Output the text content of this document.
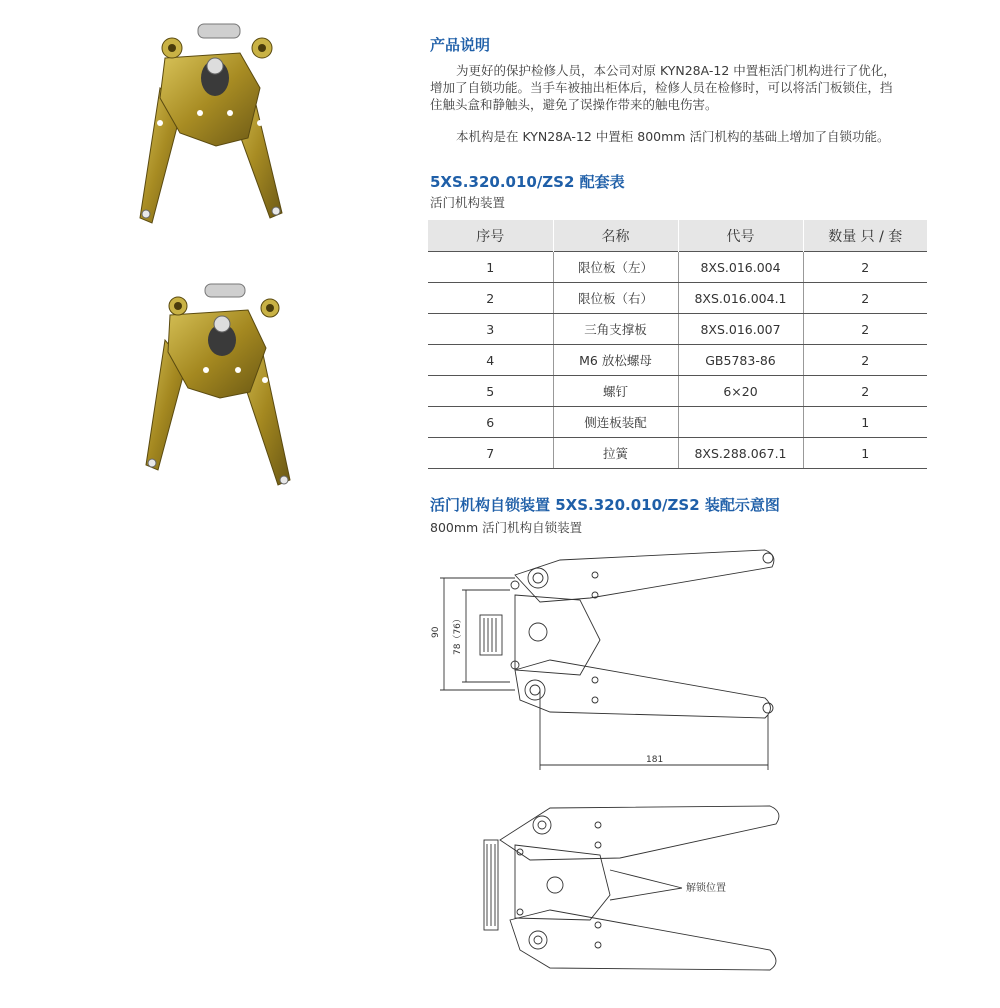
产品说明
为更好的保护检修人员，本公司对原 KYN28A-12 中置柜活门机构进行了优化，
增加了自锁功能。当手车被抽出柜体后，检修人员在检修时，可以将活门板锁住，挡
住触头盒和静触头，避免了误操作带来的触电伤害。
本机构是在 KYN28A-12 中置柜 800mm 活门机构的基础上增加了自锁功能。
5XS.320.010/ZS2 配套表
活门机构装置
序号	名称	代号	数量 只 / 套
1	限位板（左）	8XS.016.004	2
2	限位板（右）	8XS.016.004.1	2
3	三角支撑板	8XS.016.007	2
4	M6 放松螺母	GB5783-86	2
5	螺钉	6×20	2
6	侧连板装配		1
7	拉簧	8XS.288.067.1	1
活门机构自锁装置 5XS.320.010/ZS2 装配示意图
800mm 活门机构自锁装置
90 78（76）
181
解锁位置
